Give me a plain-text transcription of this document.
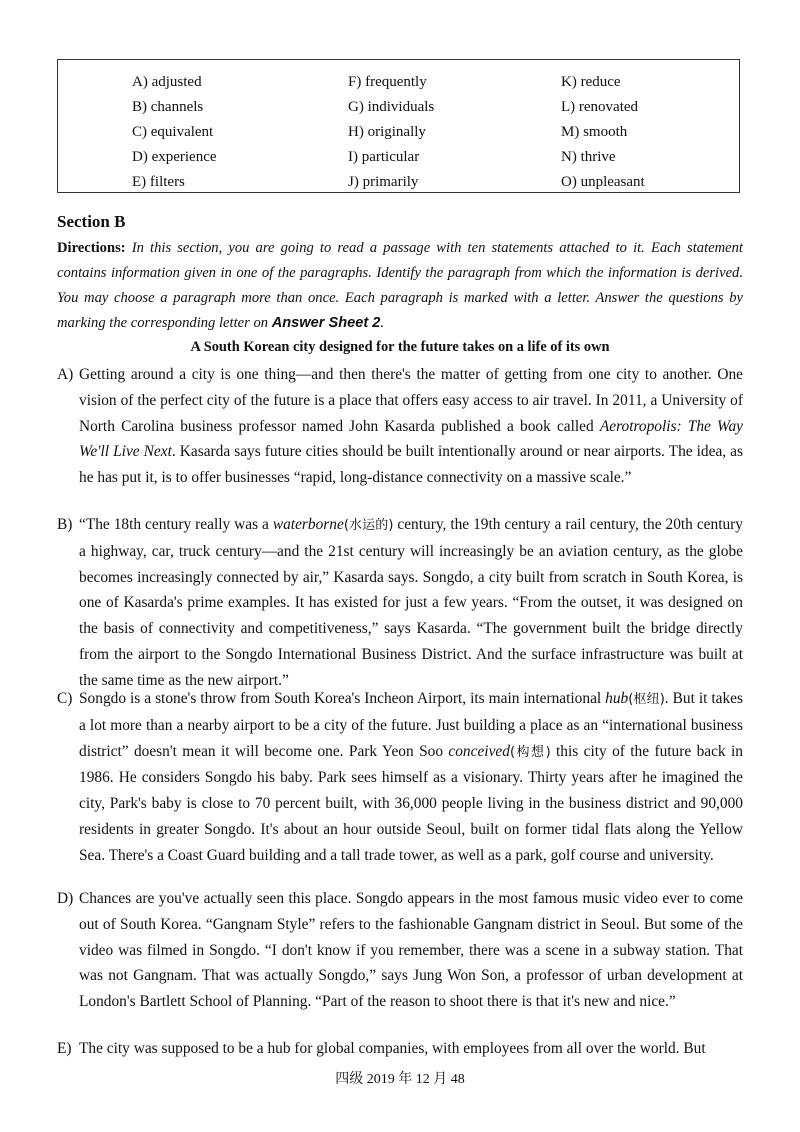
A) adjusted
B) channels
C) equivalent
D) experience
E) filters
F) frequently
G) individuals
H) originally
I) particular
J) primarily
K) reduce
L) renovated
M) smooth
N) thrive
O) unpleasant
Section B
Directions: In this section, you are going to read a passage with ten statements attached to it. Each statement contains information given in one of the paragraphs. Identify the paragraph from which the information is derived. You may choose a paragraph more than once. Each paragraph is marked with a letter. Answer the questions by marking the corresponding letter on Answer Sheet 2.
A South Korean city designed for the future takes on a life of its own
A) Getting around a city is one thing—and then there's the matter of getting from one city to another. One vision of the perfect city of the future is a place that offers easy access to air travel. In 2011, a University of North Carolina business professor named John Kasarda published a book called Aerotropolis: The Way We'll Live Next. Kasarda says future cities should be built intentionally around or near airports. The idea, as he has put it, is to offer businesses “rapid, long-distance connectivity on a massive scale.”
B) “The 18th century really was a waterborne(水运的) century, the 19th century a rail century, the 20th century a highway, car, truck century—and the 21st century will increasingly be an aviation century, as the globe becomes increasingly connected by air,” Kasarda says. Songdo, a city built from scratch in South Korea, is one of Kasarda's prime examples. It has existed for just a few years. “From the outset, it was designed on the basis of connectivity and competitiveness,” says Kasarda. “The government built the bridge directly from the airport to the Songdo International Business District. And the surface infrastructure was built at the same time as the new airport.”
C) Songdo is a stone's throw from South Korea's Incheon Airport, its main international hub(枢纽). But it takes a lot more than a nearby airport to be a city of the future. Just building a place as an “international business district” doesn't mean it will become one. Park Yeon Soo conceived(构想) this city of the future back in 1986. He considers Songdo his baby. Park sees himself as a visionary. Thirty years after he imagined the city, Park's baby is close to 70 percent built, with 36,000 people living in the business district and 90,000 residents in greater Songdo. It's about an hour outside Seoul, built on former tidal flats along the Yellow Sea. There's a Coast Guard building and a tall trade tower, as well as a park, golf course and university.
D) Chances are you've actually seen this place. Songdo appears in the most famous music video ever to come out of South Korea. “Gangnam Style” refers to the fashionable Gangnam district in Seoul. But some of the video was filmed in Songdo. “I don't know if you remember, there was a scene in a subway station. That was not Gangnam. That was actually Songdo,” says Jung Won Son, a professor of urban development at London's Bartlett School of Planning. “Part of the reason to shoot there is that it's new and nice.”
E) The city was supposed to be a hub for global companies, with employees from all over the world. But
四级 2019 年 12 月 48
